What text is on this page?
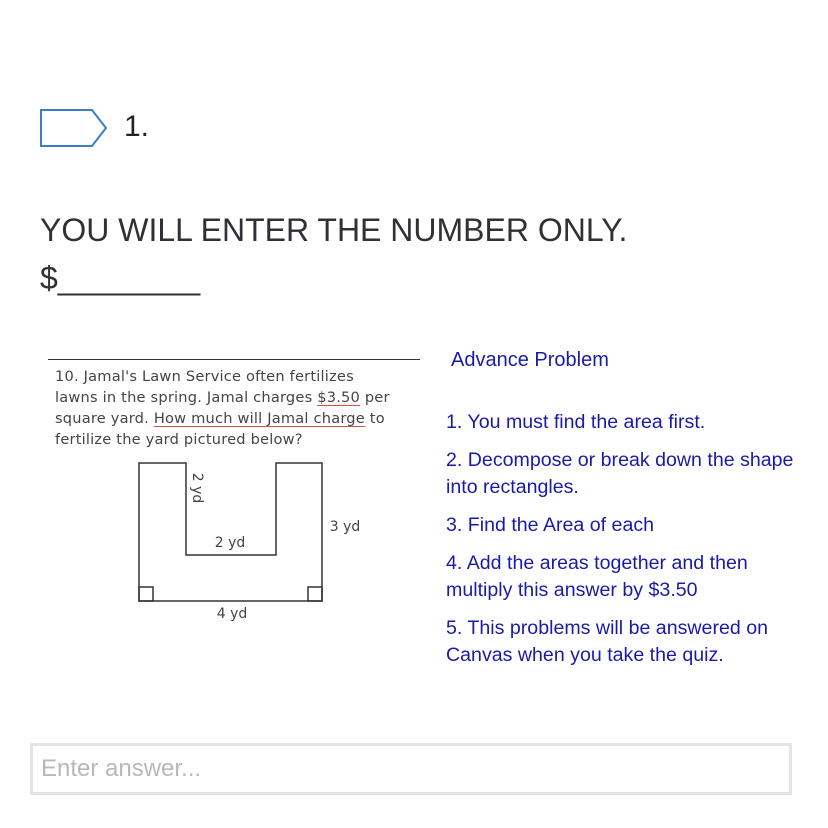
1.
YOU WILL ENTER THE NUMBER ONLY.
$________
10. Jamal's Lawn Service often fertilizes
lawns in the spring. Jamal charges $3.50 per
square yard. How much will Jamal charge to
fertilize the yard pictured below?
2 yd
2 yd
3 yd
4 yd
Advance Problem
1. You must find the area first.
2. Decompose or break down the shape into rectangles.
3. Find the Area of each
4. Add the areas together and then multiply this answer by $3.50
5. This problems will be answered on Canvas when you take the quiz.
Enter answer...
